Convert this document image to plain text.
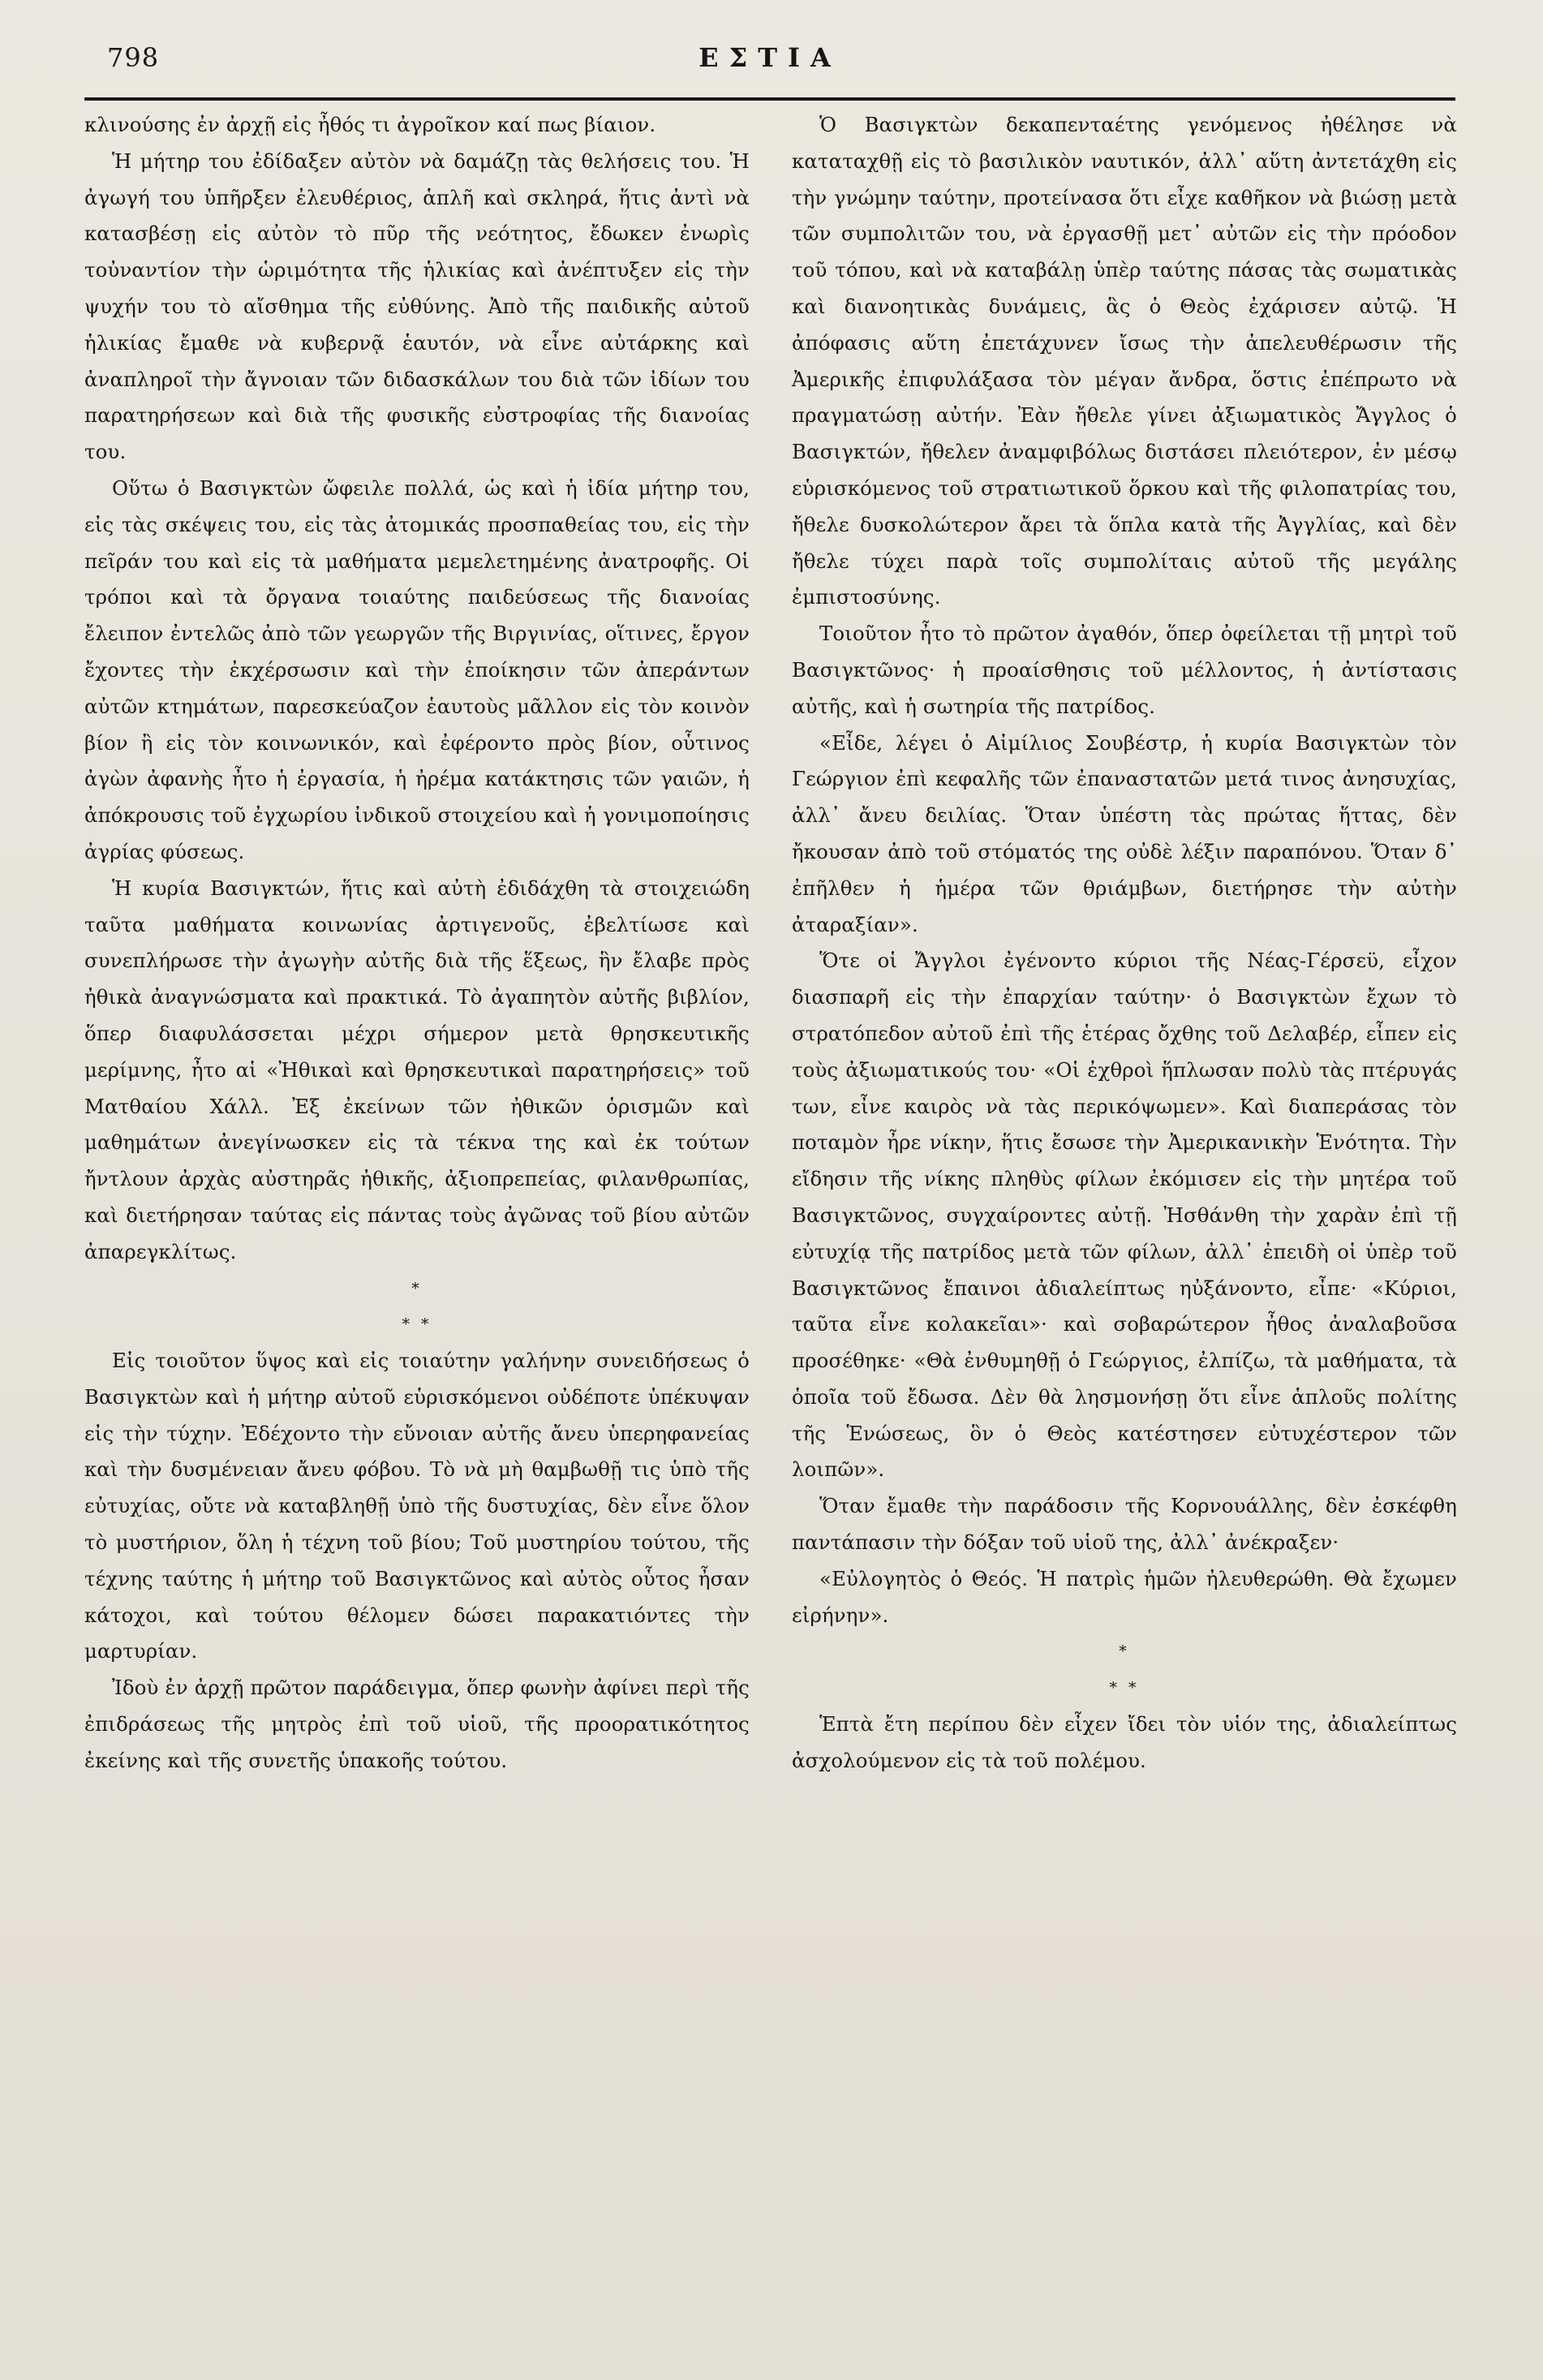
798	ΕΣΤΙΑ

κλινούσης ἐν ἀρχῇ εἰς ἦθός τι ἀγροῖκον καί πως βίαιον.

Ἡ μήτηρ του ἐδίδαξεν αὐτὸν νὰ δαμάζῃ τὰς θελήσεις του. Ἡ ἀγωγή του ὑπῆρξεν ἐλευθέριος, ἁπλῆ καὶ σκληρά, ἥτις ἀντὶ νὰ κατασβέσῃ εἰς αὐτὸν τὸ πῦρ τῆς νεότητος, ἔδωκεν ἐνωρὶς τοὐναντίον τὴν ὡριμότητα τῆς ἡλικίας καὶ ἀνέπτυξεν εἰς τὴν ψυχήν του τὸ αἴσθημα τῆς εὐθύνης. Ἀπὸ τῆς παιδικῆς αὐτοῦ ἡλικίας ἔμαθε νὰ κυβερνᾷ ἑαυτόν, νὰ εἶνε αὐτάρκης καὶ ἀναπληροῖ τὴν ἄγνοιαν τῶν διδασκάλων του διὰ τῶν ἰδίων του παρατηρήσεων καὶ διὰ τῆς φυσικῆς εὐστροφίας τῆς διανοίας του.

Οὕτω ὁ Βασιγκτὼν ὤφειλε πολλά, ὡς καὶ ἡ ἰδία μήτηρ του, εἰς τὰς σκέψεις του, εἰς τὰς ἀτομικάς προσπαθείας του, εἰς τὴν πεῖράν του καὶ εἰς τὰ μαθήματα μεμελετημένης ἀνατροφῆς. Οἱ τρόποι καὶ τὰ ὄργανα τοιαύτης παιδεύσεως τῆς διανοίας ἔλειπον ἐντελῶς ἀπὸ τῶν γεωργῶν τῆς Βιργινίας, οἵτινες, ἔργον ἔχοντες τὴν ἐκχέρσωσιν καὶ τὴν ἐποίκησιν τῶν ἀπεράντων αὐτῶν κτημάτων, παρεσκεύαζον ἑαυτοὺς μᾶλλον εἰς τὸν κοινὸν βίον ἢ εἰς τὸν κοινωνικόν, καὶ ἐφέροντο πρὸς βίον, οὗτινος ἀγὼν ἀφανὴς ἦτο ἡ ἐργασία, ἡ ἠρέμα κατάκτησις τῶν γαιῶν, ἡ ἀπόκρουσις τοῦ ἐγχωρίου ἰνδικοῦ στοιχείου καὶ ἡ γονιμοποίησις ἀγρίας φύσεως.

Ἡ κυρία Βασιγκτών, ἥτις καὶ αὐτὴ ἐδιδάχθη τὰ στοιχειώδη ταῦτα μαθήματα κοινωνίας ἀρτιγενοῦς, ἐβελτίωσε καὶ συνεπλήρωσε τὴν ἀγωγὴν αὐτῆς διὰ τῆς ἕξεως, ἣν ἔλαβε πρὸς ἠθικὰ ἀναγνώσματα καὶ πρακτικά. Τὸ ἀγαπητὸν αὐτῆς βιβλίον, ὅπερ διαφυλάσσεται μέχρι σήμερον μετὰ θρησκευτικῆς μερίμνης, ἦτο αἱ «Ἠθικαὶ καὶ θρησκευτικαὶ παρατηρήσεις» τοῦ Ματθαίου Χάλλ. Ἐξ ἐκείνων τῶν ἠθικῶν ὁρισμῶν καὶ μαθημάτων ἀνεγίνωσκεν εἰς τὰ τέκνα της καὶ ἐκ τούτων ἤντλουν ἀρχὰς αὐστηρᾶς ἠθικῆς, ἀξιοπρεπείας, φιλανθρωπίας, καὶ διετήρησαν ταύτας εἰς πάντας τοὺς ἀγῶνας τοῦ βίου αὐτῶν ἀπαρεγκλίτως.

*
* *

Εἰς τοιοῦτον ὕψος καὶ εἰς τοιαύτην γαλήνην συνειδήσεως ὁ Βασιγκτὼν καὶ ἡ μήτηρ αὐτοῦ εὑρισκόμενοι οὐδέποτε ὑπέκυψαν εἰς τὴν τύχην. Ἐδέχοντο τὴν εὔνοιαν αὐτῆς ἄνευ ὑπερηφανείας καὶ τὴν δυσμένειαν ἄνευ φόβου. Τὸ νὰ μὴ θαμβωθῇ τις ὑπὸ τῆς εὐτυχίας, οὔτε νὰ καταβληθῇ ὑπὸ τῆς δυστυχίας, δὲν εἶνε ὅλον τὸ μυστήριον, ὅλη ἡ τέχνη τοῦ βίου; Τοῦ μυστηρίου τούτου, τῆς τέχνης ταύτης ἡ μήτηρ τοῦ Βασιγκτῶνος καὶ αὐτὸς οὗτος ἦσαν κάτοχοι, καὶ τούτου θέλομεν δώσει παρακατιόντες τὴν μαρτυρίαν.

Ἰδοὺ ἐν ἀρχῇ πρῶτον παράδειγμα, ὅπερ φωνὴν ἀφίνει περὶ τῆς ἐπιδράσεως τῆς μητρὸς ἐπὶ τοῦ υἱοῦ, τῆς προορατικότητος ἐκείνης καὶ τῆς συνετῆς ὑπακοῆς τούτου.

Ὁ Βασιγκτὼν δεκαπενταέτης γενόμενος ἠθέλησε νὰ καταταχθῇ εἰς τὸ βασιλικὸν ναυτικόν, ἀλλ᾽ αὕτη ἀντετάχθη εἰς τὴν γνώμην ταύτην, προτείνασα ὅτι εἶχε καθῆκον νὰ βιώσῃ μετὰ τῶν συμπολιτῶν του, νὰ ἐργασθῇ μετ᾽ αὐτῶν εἰς τὴν πρόοδον τοῦ τόπου, καὶ νὰ καταβάλῃ ὑπὲρ ταύτης πάσας τὰς σωματικὰς καὶ διανοητικὰς δυνάμεις, ἃς ὁ Θεὸς ἐχάρισεν αὐτῷ. Ἡ ἀπόφασις αὕτη ἐπετάχυνεν ἴσως τὴν ἀπελευθέρωσιν τῆς Ἀμερικῆς ἐπιφυλάξασα τὸν μέγαν ἄνδρα, ὅστις ἐπέπρωτο νὰ πραγματώσῃ αὐτήν. Ἐὰν ἤθελε γίνει ἀξιωματικὸς Ἄγγλος ὁ Βασιγκτών, ἤθελεν ἀναμφιβόλως διστάσει πλειότερον, ἐν μέσῳ εὑρισκόμενος τοῦ στρατιωτικοῦ ὅρκου καὶ τῆς φιλοπατρίας του, ἤθελε δυσκολώτερον ἄρει τὰ ὅπλα κατὰ τῆς Ἀγγλίας, καὶ δὲν ἤθελε τύχει παρὰ τοῖς συμπολίταις αὐτοῦ τῆς μεγάλης ἐμπιστοσύνης.

Τοιοῦτον ἦτο τὸ πρῶτον ἀγαθόν, ὅπερ ὀφείλεται τῇ μητρὶ τοῦ Βασιγκτῶνος· ἡ προαίσθησις τοῦ μέλλοντος, ἡ ἀντίστασις αὐτῆς, καὶ ἡ σωτηρία τῆς πατρίδος.

«Εἶδε, λέγει ὁ Αἰμίλιος Σουβέστρ, ἡ κυρία Βασιγκτὼν τὸν Γεώργιον ἐπὶ κεφαλῆς τῶν ἐπαναστατῶν μετά τινος ἀνησυχίας, ἀλλ᾽ ἄνευ δειλίας. Ὅταν ὑπέστη τὰς πρώτας ἥττας, δὲν ἤκουσαν ἀπὸ τοῦ στόματός της οὐδὲ λέξιν παραπόνου. Ὅταν δ᾽ ἐπῆλθεν ἡ ἡμέρα τῶν θριάμβων, διετήρησε τὴν αὐτὴν ἀταραξίαν».

Ὅτε οἱ Ἄγγλοι ἐγένοντο κύριοι τῆς Νέας-Γέρσεϋ, εἶχον διασπαρῆ εἰς τὴν ἐπαρχίαν ταύτην· ὁ Βασιγκτὼν ἔχων τὸ στρατόπεδον αὐτοῦ ἐπὶ τῆς ἑτέρας ὄχθης τοῦ Δελαβέρ, εἶπεν εἰς τοὺς ἀξιωματικούς του· «Οἱ ἐχθροὶ ἥπλωσαν πολὺ τὰς πτέρυγάς των, εἶνε καιρὸς νὰ τὰς περικόψωμεν». Καὶ διαπεράσας τὸν ποταμὸν ἦρε νίκην, ἥτις ἔσωσε τὴν Ἀμερικανικὴν Ἑνότητα. Τὴν εἴδησιν τῆς νίκης πληθὺς φίλων ἐκόμισεν εἰς τὴν μητέρα τοῦ Βασιγκτῶνος, συγχαίροντες αὐτῇ. Ἠσθάνθη τὴν χαρὰν ἐπὶ τῇ εὐτυχίᾳ τῆς πατρίδος μετὰ τῶν φίλων, ἀλλ᾽ ἐπειδὴ οἱ ὑπὲρ τοῦ Βασιγκτῶνος ἔπαινοι ἀδιαλείπτως ηὐξάνοντο, εἶπε· «Κύριοι, ταῦτα εἶνε κολακεῖαι»· καὶ σοβαρώτερον ἦθος ἀναλαβοῦσα προσέθηκε· «Θὰ ἐνθυμηθῇ ὁ Γεώργιος, ἐλπίζω, τὰ μαθήματα, τὰ ὁποῖα τοῦ ἔδωσα. Δὲν θὰ λησμονήσῃ ὅτι εἶνε ἁπλοῦς πολίτης τῆς Ἑνώσεως, ὃν ὁ Θεὸς κατέστησεν εὐτυχέστερον τῶν λοιπῶν».

Ὅταν ἔμαθε τὴν παράδοσιν τῆς Κορνουάλλης, δὲν ἐσκέφθη παντάπασιν τὴν δόξαν τοῦ υἱοῦ της, ἀλλ᾽ ἀνέκραξεν·

«Εὐλογητὸς ὁ Θεός. Ἡ πατρὶς ἡμῶν ἠλευθερώθη. Θὰ ἔχωμεν εἰρήνην».

*
* *

Ἑπτὰ ἔτη περίπου δὲν εἶχεν ἴδει τὸν υἱόν της, ἀδιαλείπτως ἀσχολούμενον εἰς τὰ τοῦ πολέμου.
